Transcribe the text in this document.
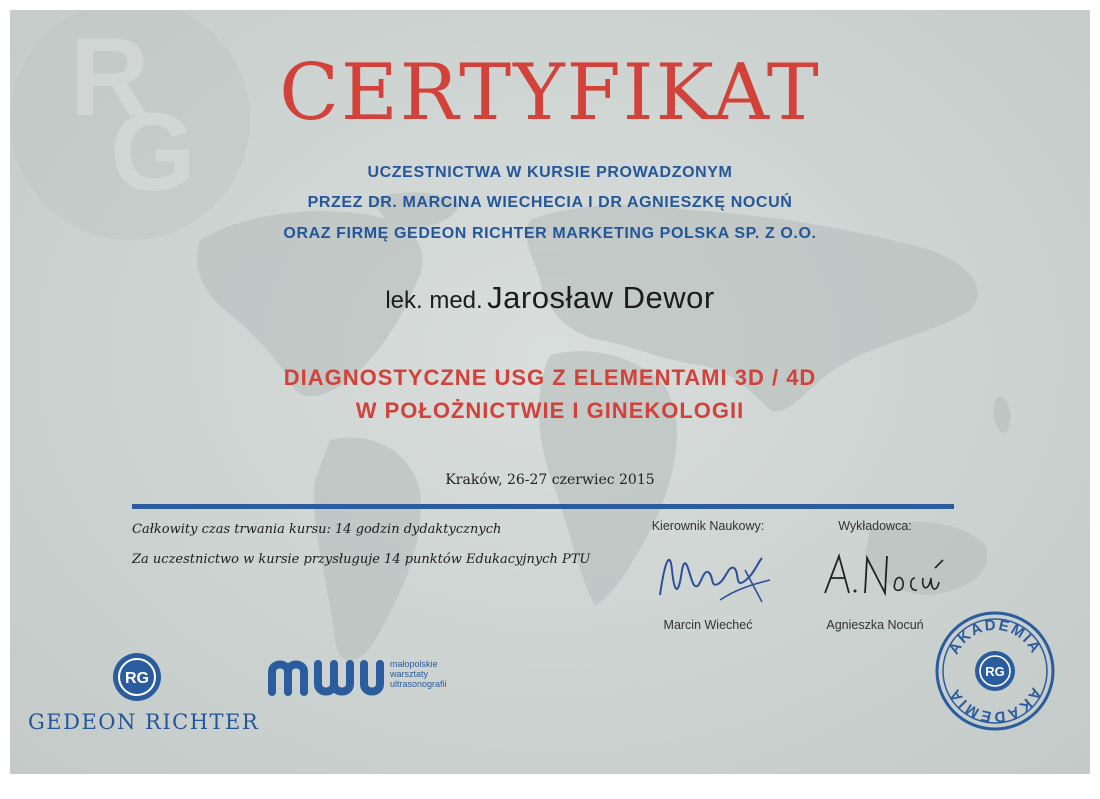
R
G	CERTYFIKAT
UCZESTNICTWA W KURSIE PROWADZONYM
PRZEZ DR. MARCINA WIECHECIA I DR AGNIESZKĘ NOCUŃ
ORAZ FIRMĘ GEDEON RICHTER MARKETING POLSKA SP. Z O.O.
lek. med. Jarosław Dewor
DIAGNOSTYCZNE USG Z ELEMENTAMI 3D / 4D
W POŁOŻNICTWIE I GINEKOLOGII
Kraków, 26-27 czerwiec 2015
Całkowity czas trwania kursu: 14 godzin dydaktycznych
Za uczestnictwo w kursie przysługuje 14 punktów Edukacyjnych PTU
Kierownik Naukowy:	Wykładowca:
Marcin Wiecheć	Agnieszka Nocuń
RG
GEDEON RICHTER
małopolskie
warsztaty
ultrasonografii
AKADEMIA
AKADEMIA
RG
